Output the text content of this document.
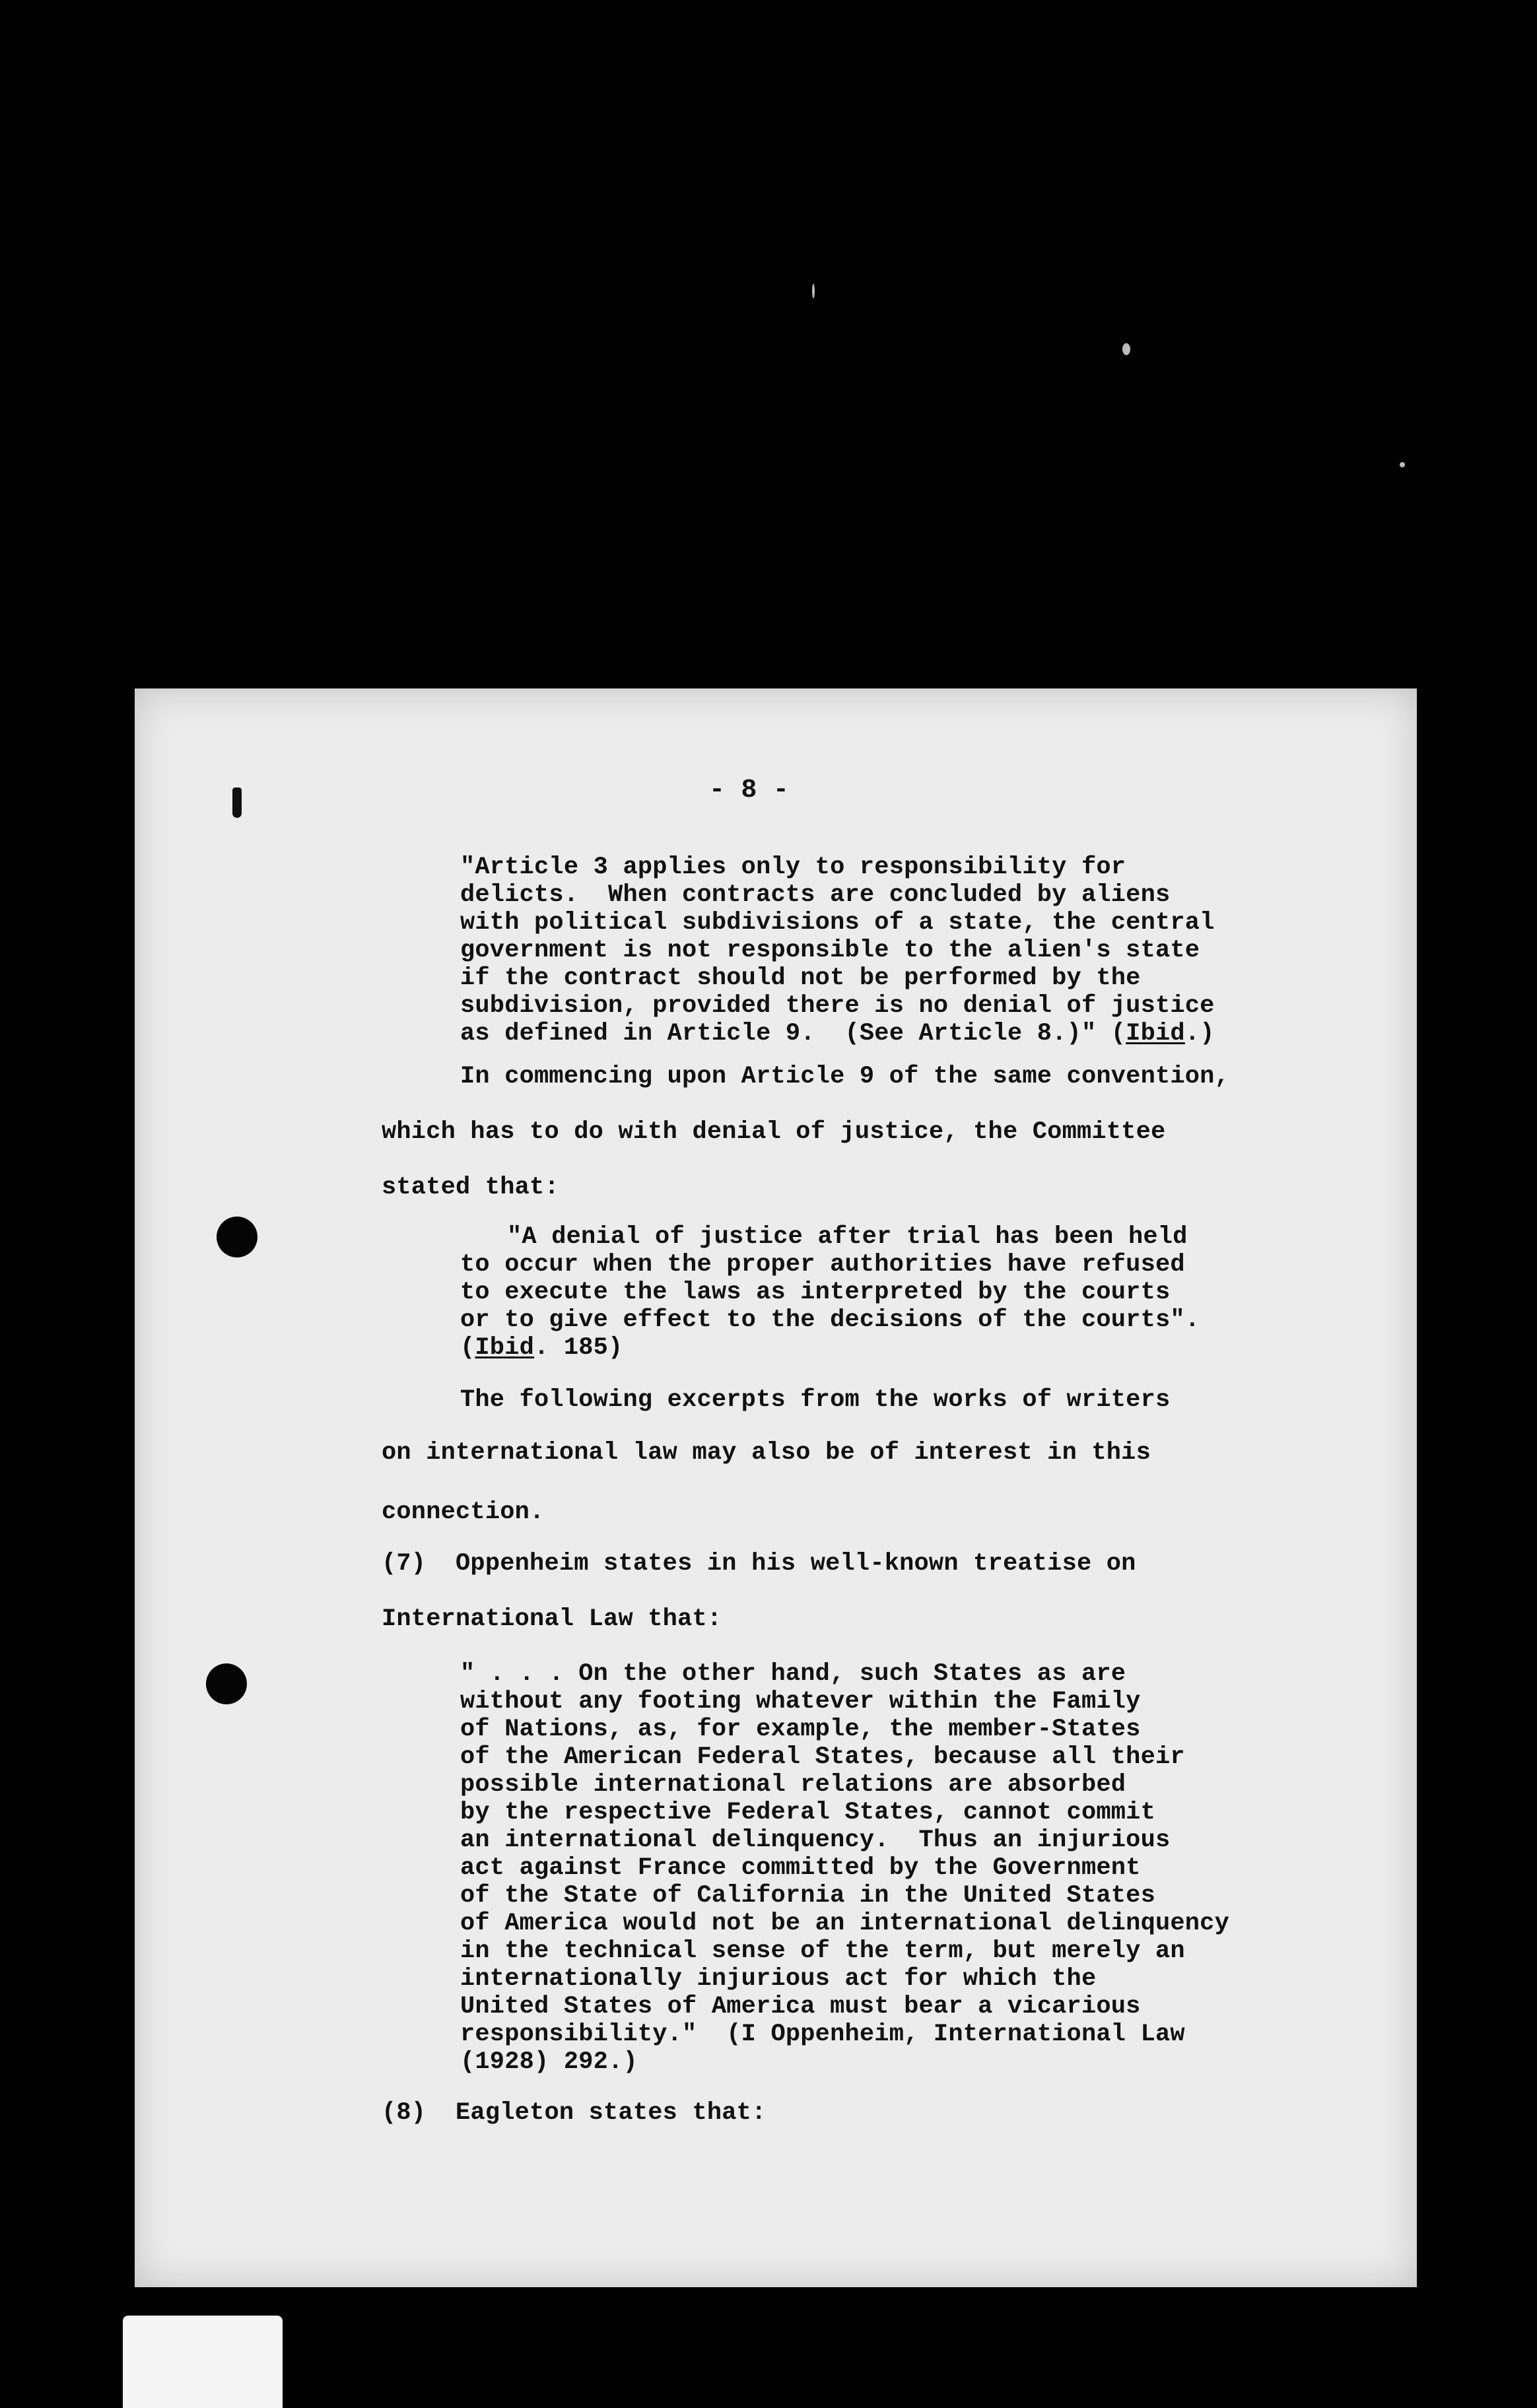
- 8 -
"Article 3 applies only to responsibility for
delicts.  When contracts are concluded by aliens
with political subdivisions of a state, the central
government is not responsible to the alien's state
if the contract should not be performed by the
subdivision, provided there is no denial of justice
as defined in Article 9.  (See Article 8.)" (Ibid.)
In commencing upon Article 9 of the same convention,
which has to do with denial of justice, the Committee
stated that:
"A denial of justice after trial has been held
to occur when the proper authorities have refused
to execute the laws as interpreted by the courts
or to give effect to the decisions of the courts".
(Ibid. 185)
The following excerpts from the works of writers
on international law may also be of interest in this
connection.
(7)  Oppenheim states in his well-known treatise on
International Law that:
" . . . On the other hand, such States as are
without any footing whatever within the Family
of Nations, as, for example, the member-States
of the American Federal States, because all their
possible international relations are absorbed
by the respective Federal States, cannot commit
an international delinquency.  Thus an injurious
act against France committed by the Government
of the State of California in the United States
of America would not be an international delinquency
in the technical sense of the term, but merely an
internationally injurious act for which the
United States of America must bear a vicarious
responsibility."  (I Oppenheim, International Law
(1928) 292.)
(8)  Eagleton states that:
